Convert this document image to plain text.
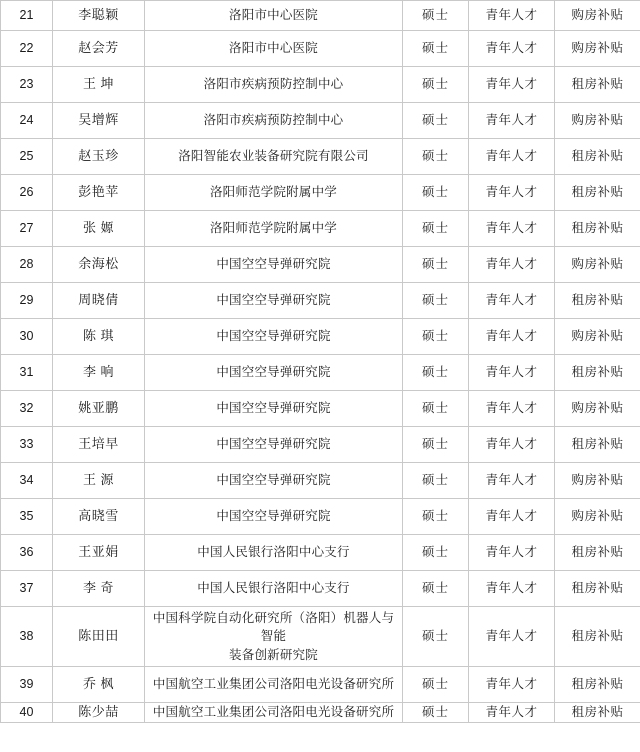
21	李聪颖	洛阳市中心医院	硕士	青年人才	购房补贴
22	赵会芳	洛阳市中心医院	硕士	青年人才	购房补贴
23	王 坤	洛阳市疾病预防控制中心	硕士	青年人才	租房补贴
24	吴增辉	洛阳市疾病预防控制中心	硕士	青年人才	购房补贴
25	赵玉珍	洛阳智能农业装备研究院有限公司	硕士	青年人才	租房补贴
26	彭艳苹	洛阳师范学院附属中学	硕士	青年人才	租房补贴
27	张 嫄	洛阳师范学院附属中学	硕士	青年人才	租房补贴
28	余海松	中国空空导弹研究院	硕士	青年人才	购房补贴
29	周晓倩	中国空空导弹研究院	硕士	青年人才	租房补贴
30	陈 琪	中国空空导弹研究院	硕士	青年人才	购房补贴
31	李 响	中国空空导弹研究院	硕士	青年人才	租房补贴
32	姚亚鹏	中国空空导弹研究院	硕士	青年人才	购房补贴
33	王培早	中国空空导弹研究院	硕士	青年人才	租房补贴
34	王 源	中国空空导弹研究院	硕士	青年人才	购房补贴
35	高晓雪	中国空空导弹研究院	硕士	青年人才	购房补贴
36	王亚娟	中国人民银行洛阳中心支行	硕士	青年人才	租房补贴
37	李 奇	中国人民银行洛阳中心支行	硕士	青年人才	租房补贴
38	陈田田	中国科学院自动化研究所（洛阳）机器人与智能
装备创新研究院	硕士	青年人才	租房补贴
39	乔 枫	中国航空工业集团公司洛阳电光设备研究所	硕士	青年人才	租房补贴
40	陈少喆	中国航空工业集团公司洛阳电光设备研究所	硕士	青年人才	租房补贴
